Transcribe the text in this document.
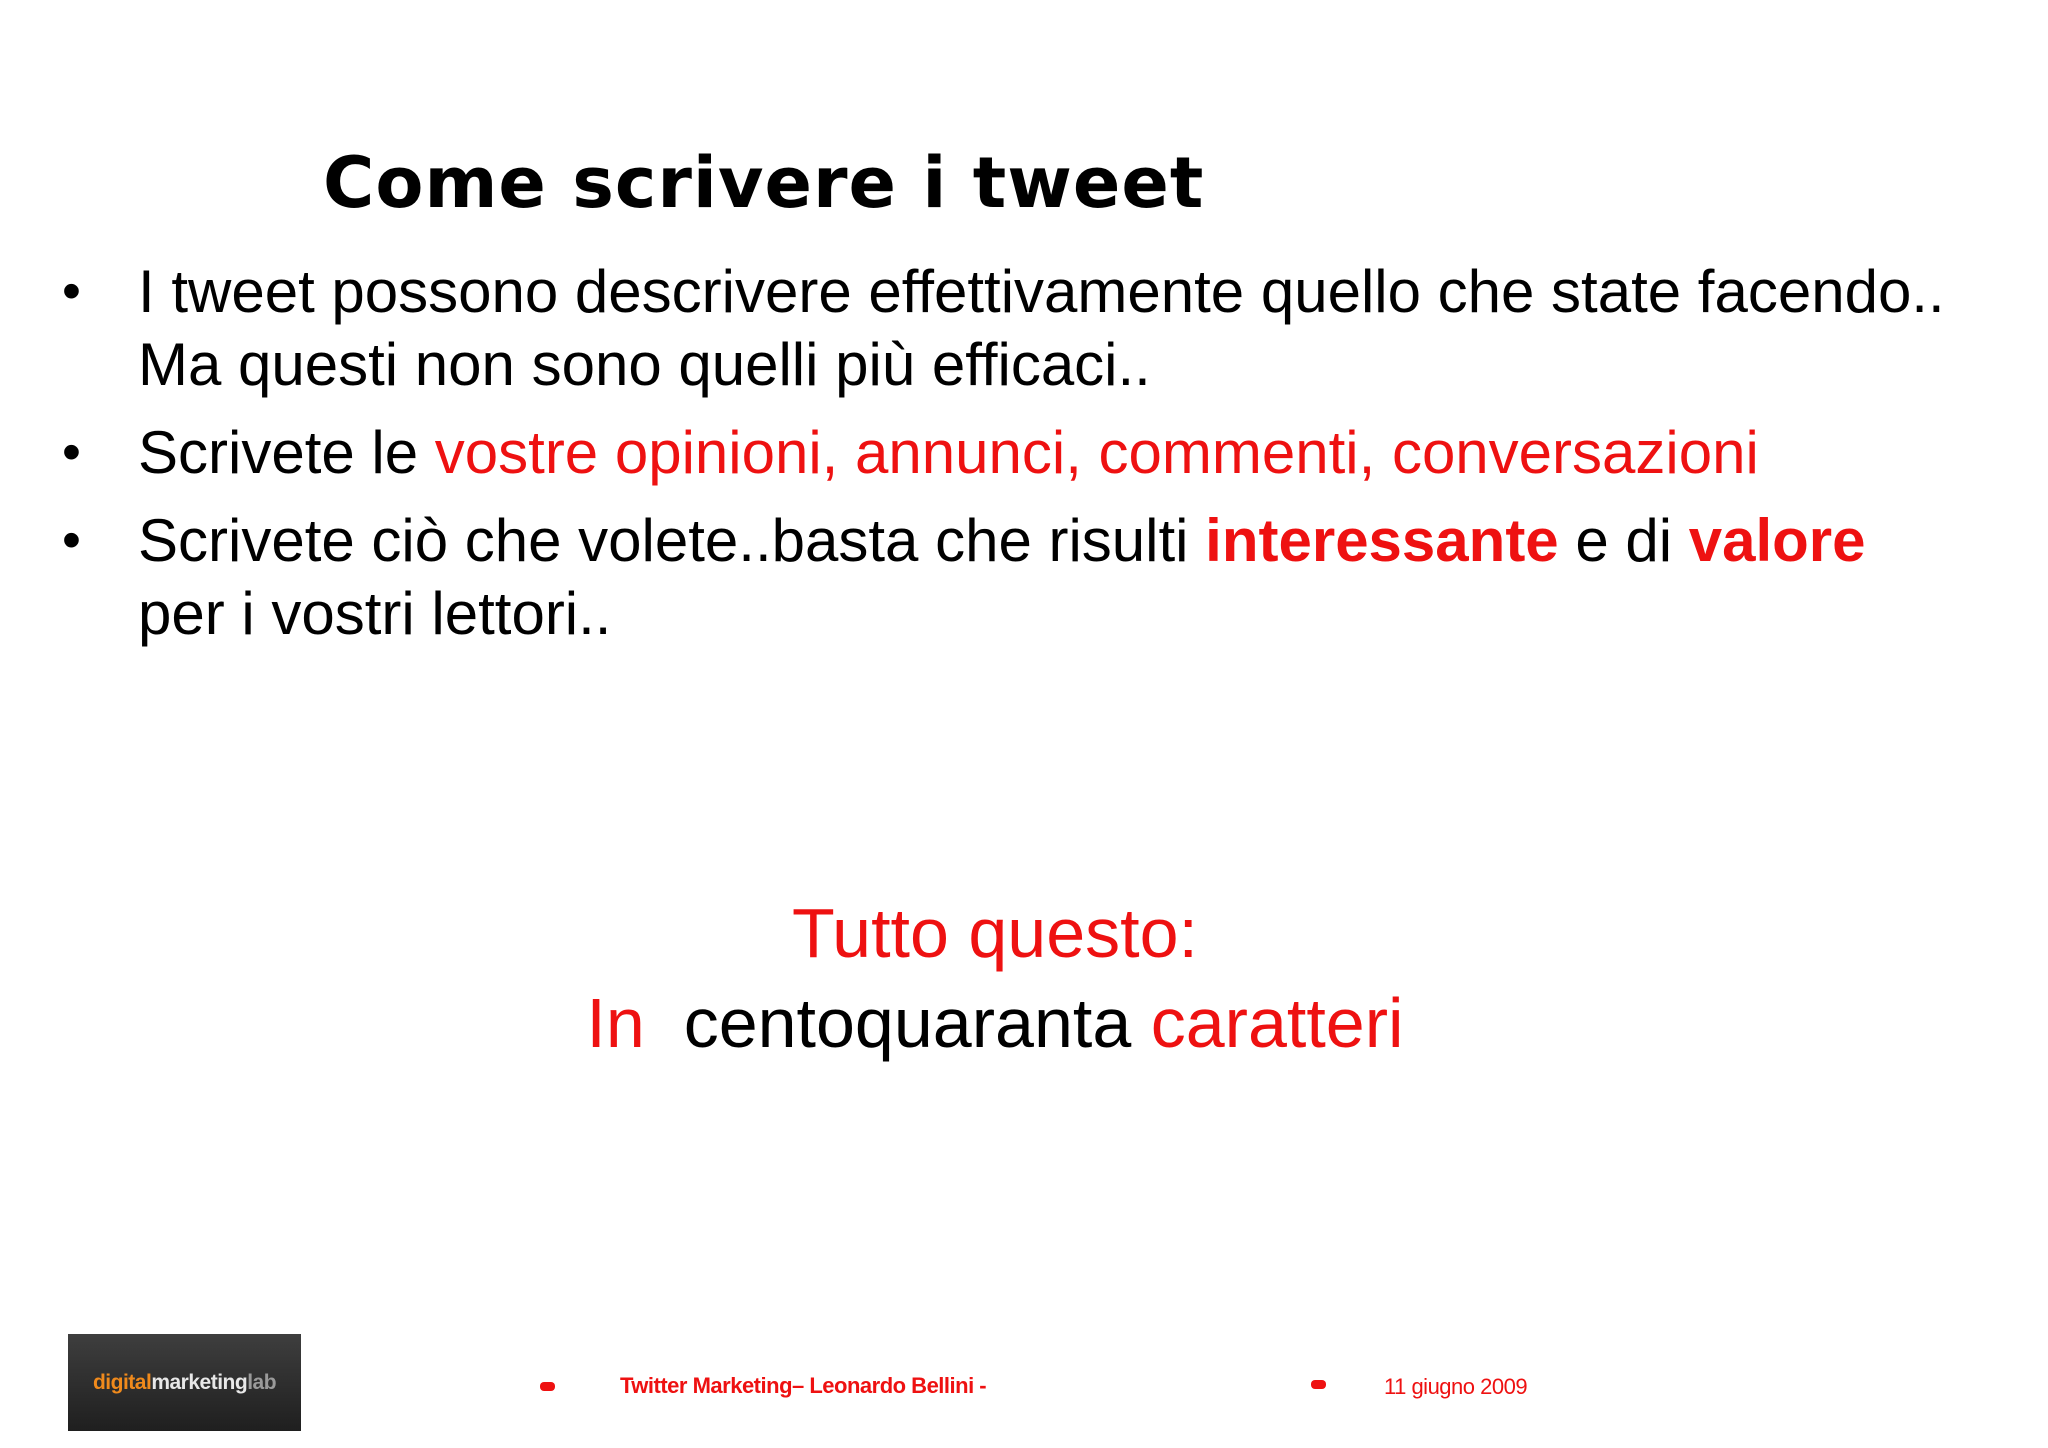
Come scrivere i tweet
• I tweet possono descrivere effettivamente quello che state facendo.. Ma questi non sono quelli più efficaci..
• Scrivete le vostre opinioni, annunci, commenti, conversazioni
• Scrivete ciò che volete..basta che risulti interessante e di valore per i vostri lettori..
Tutto questo:
In centoquaranta caratteri
digital marketing lab	Twitter Marketing– Leonardo Bellini -	11 giugno 2009
